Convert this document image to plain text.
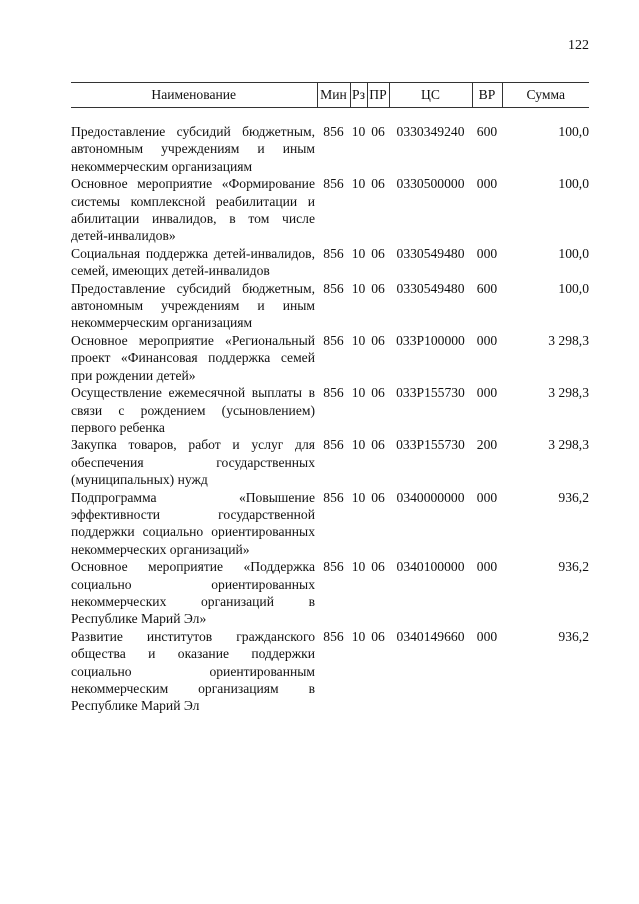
122
Наименование	Мин	Рз	ПР	ЦС	ВР	Сумма

Предоставление субсидий бюджетным, автономным учреждениям и иным некоммерческим организациям	856	10	06	0330349240	600	100,0
Основное мероприятие «Формирование системы комплексной реабилитации и абилитации инвалидов, в том числе детей-инвалидов»	856	10	06	0330500000	000	100,0
Социальная поддержка детей-инвалидов, семей, имеющих детей-инвалидов	856	10	06	0330549480	000	100,0
Предоставление субсидий бюджетным, автономным учреждениям и иным некоммерческим организациям	856	10	06	0330549480	600	100,0
Основное мероприятие «Региональный проект «Финансовая поддержка семей при рождении детей»	856	10	06	033Р100000	000	3 298,3
Осуществление ежемесячной выплаты в связи с рождением (усыновлением) первого ребенка	856	10	06	033Р155730	000	3 298,3
Закупка товаров, работ и услуг для обеспечения государственных (муниципальных) нужд	856	10	06	033Р155730	200	3 298,3
Подпрограмма «Повышение эффективности государственной поддержки социально ориентированных некоммерческих организаций»	856	10	06	0340000000	000	936,2
Основное мероприятие «Поддержка социально ориентированных некоммерческих организаций в Республике Марий Эл»	856	10	06	0340100000	000	936,2
Развитие институтов гражданского общества и оказание поддержки социально ориентированным некоммерческим организациям в Республике Марий Эл	856	10	06	0340149660	000	936,2
